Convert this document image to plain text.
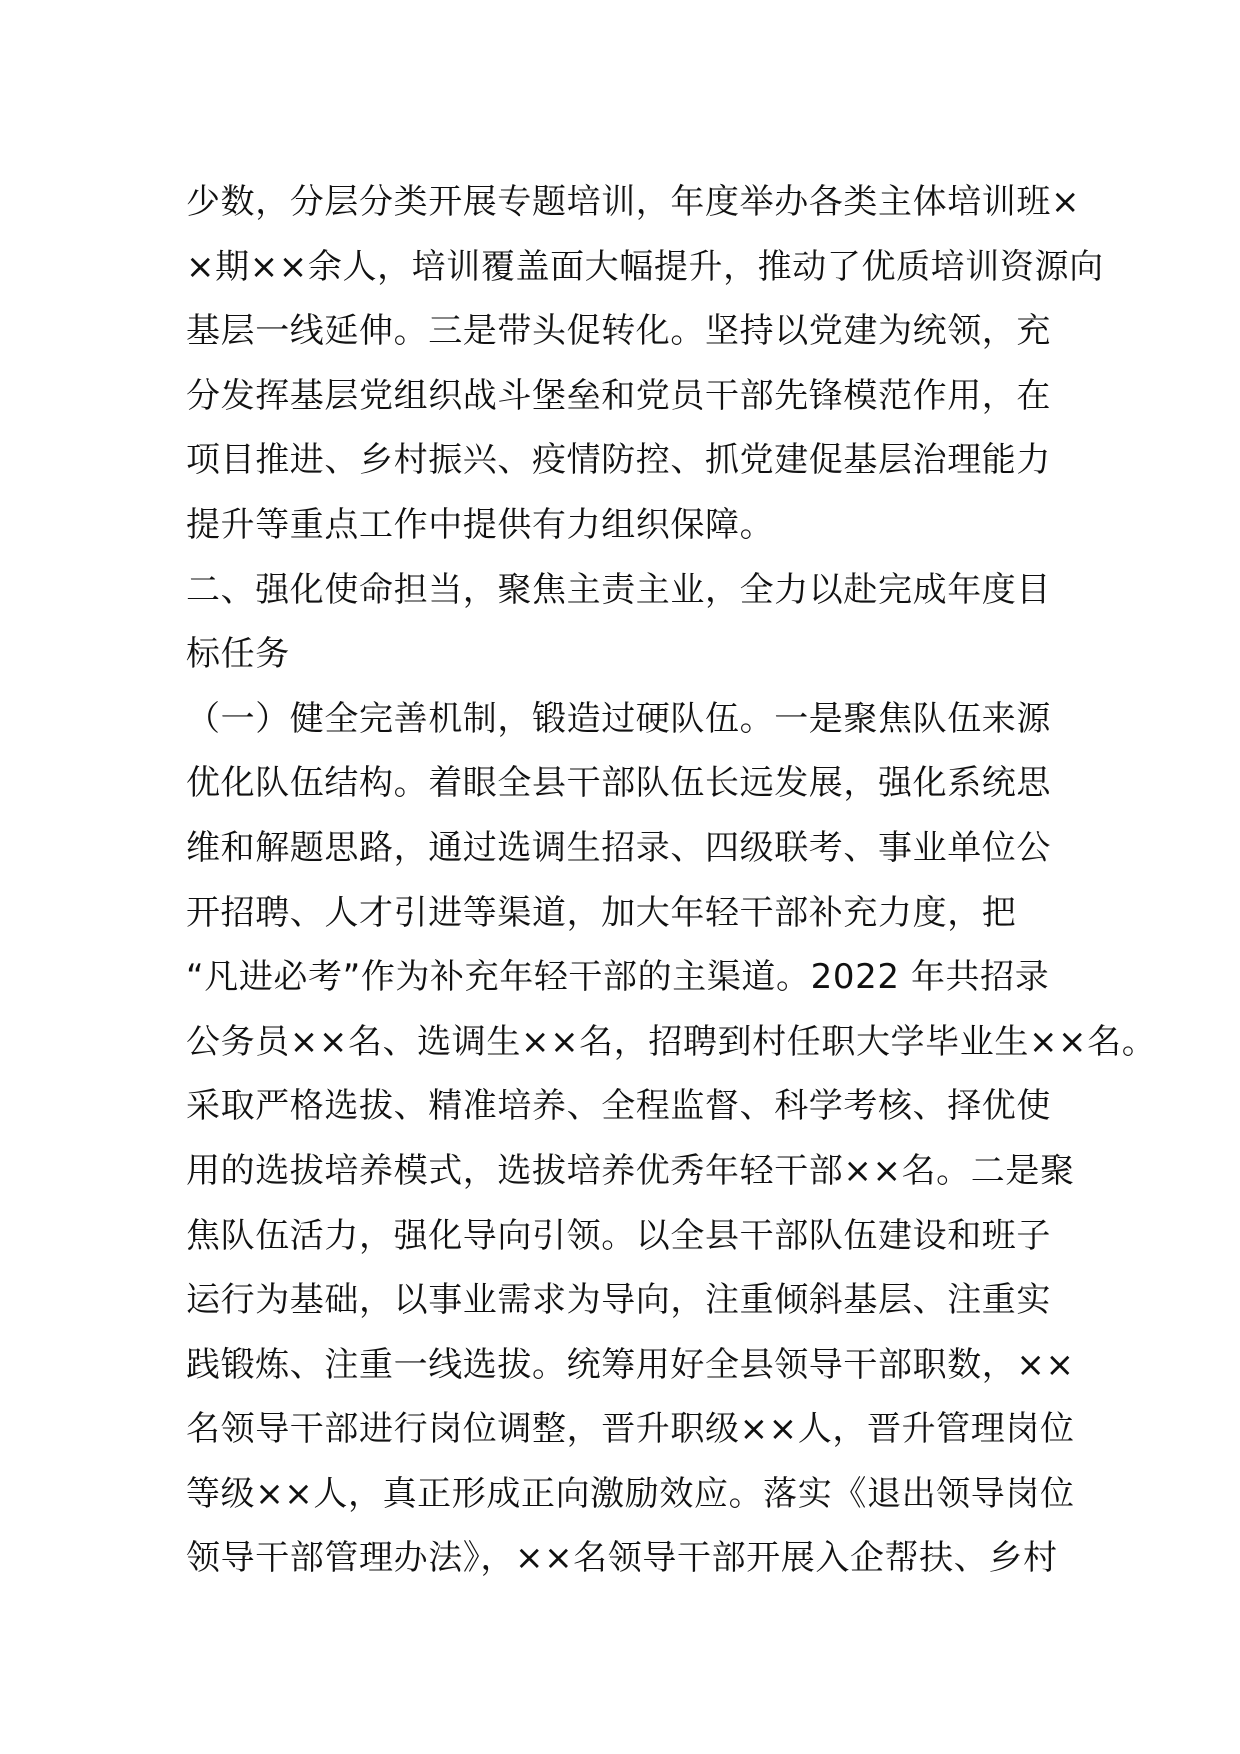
少数，分层分类开展专题培训，年度举办各类主体培训班×
×期××余人，培训覆盖面大幅提升，推动了优质培训资源向
基层一线延伸。三是带头促转化。坚持以党建为统领，充
分发挥基层党组织战斗堡垒和党员干部先锋模范作用，在
项目推进、乡村振兴、疫情防控、抓党建促基层治理能力
提升等重点工作中提供有力组织保障。
二、强化使命担当，聚焦主责主业，全力以赴完成年度目
标任务
（一）健全完善机制，锻造过硬队伍。一是聚焦队伍来源
优化队伍结构。着眼全县干部队伍长远发展，强化系统思
维和解题思路，通过选调生招录、四级联考、事业单位公
开招聘、人才引进等渠道，加大年轻干部补充力度，把
“凡进必考”作为补充年轻干部的主渠道。2022 年共招录
公务员××名、选调生××名，招聘到村任职大学毕业生××名。
采取严格选拔、精准培养、全程监督、科学考核、择优使
用的选拔培养模式，选拔培养优秀年轻干部××名。二是聚
焦队伍活力，强化导向引领。以全县干部队伍建设和班子
运行为基础，以事业需求为导向，注重倾斜基层、注重实
践锻炼、注重一线选拔。统筹用好全县领导干部职数，××
名领导干部进行岗位调整，晋升职级××人，晋升管理岗位
等级××人，真正形成正向激励效应。落实《退出领导岗位
领导干部管理办法》，××名领导干部开展入企帮扶、乡村
